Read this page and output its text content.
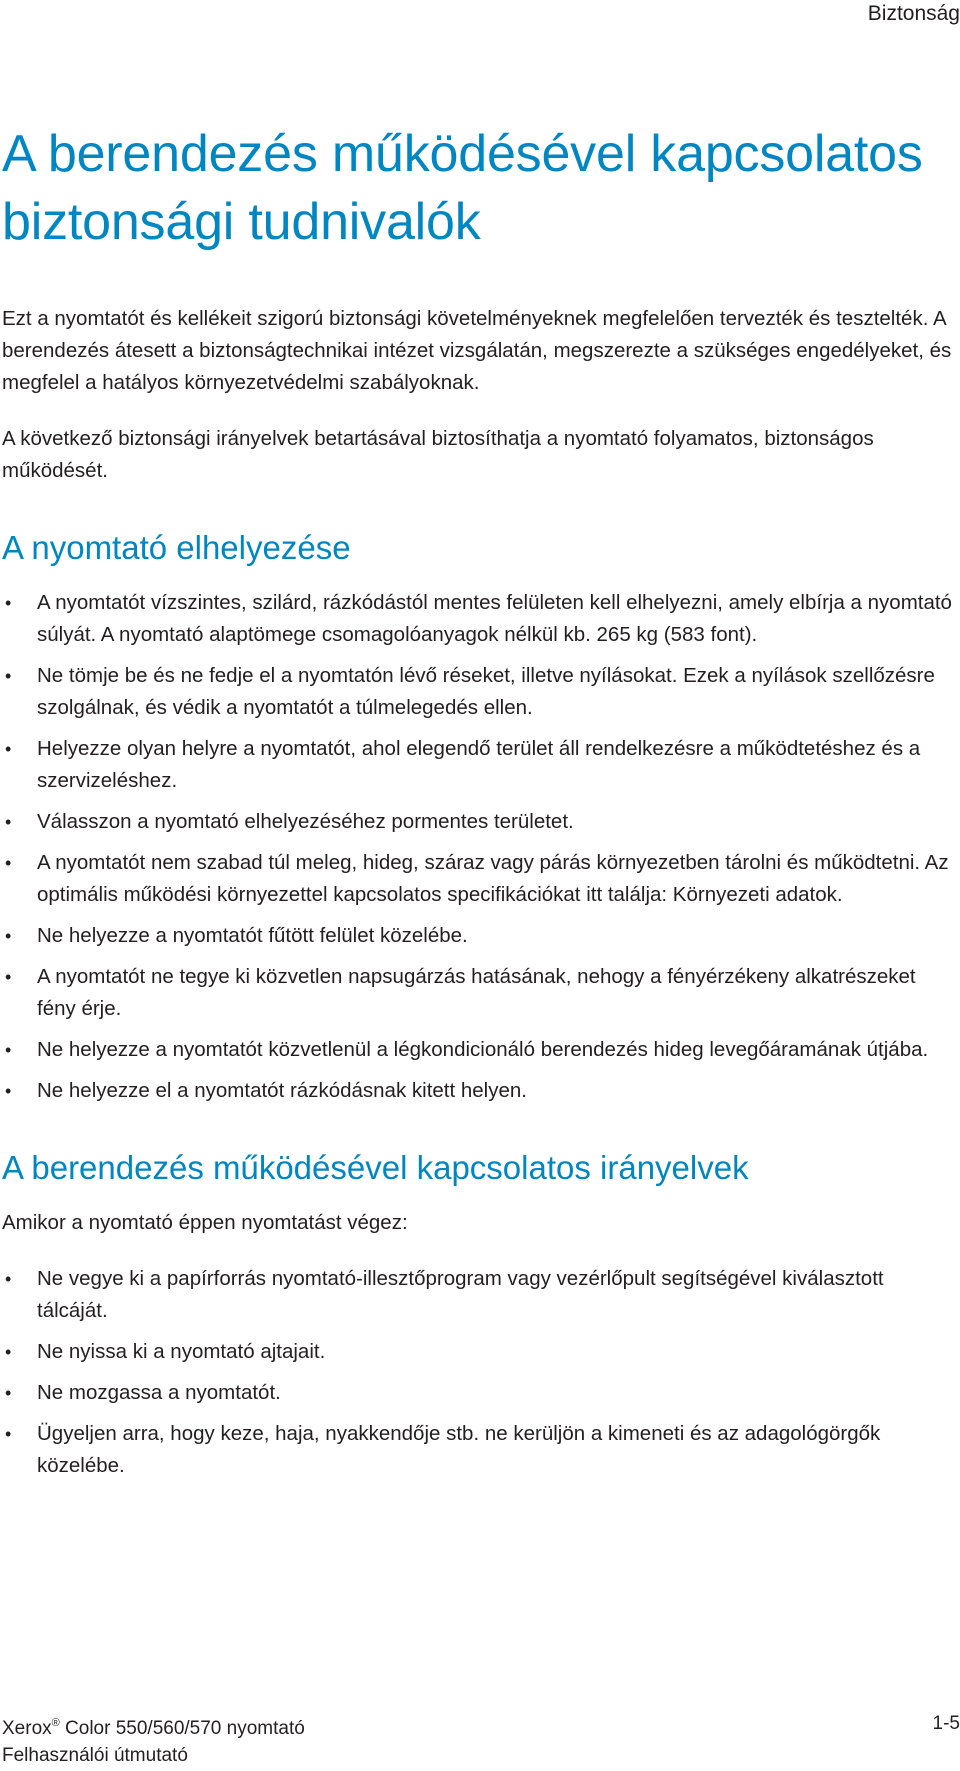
Biztonság
A berendezés működésével kapcsolatos biztonsági tudnivalók

Ezt a nyomtatót és kellékeit szigorú biztonsági követelményeknek megfelelően tervezték és tesztelték. A berendezés átesett a biztonságtechnikai intézet vizsgálatán, megszerezte a szükséges engedélyeket, és megfelel a hatályos környezetvédelmi szabályoknak.

A következő biztonsági irányelvek betartásával biztosíthatja a nyomtató folyamatos, biztonságos működését.

A nyomtató elhelyezése
• A nyomtatót vízszintes, szilárd, rázkódástól mentes felületen kell elhelyezni, amely elbírja a nyomtató súlyát. A nyomtató alaptömege csomagolóanyagok nélkül kb. 265 kg (583 font).
• Ne tömje be és ne fedje el a nyomtatón lévő réseket, illetve nyílásokat. Ezek a nyílások szellőzésre szolgálnak, és védik a nyomtatót a túlmelegedés ellen.
• Helyezze olyan helyre a nyomtatót, ahol elegendő terület áll rendelkezésre a működtetéshez és a szervizeléshez.
• Válasszon a nyomtató elhelyezéséhez pormentes területet.
• A nyomtatót nem szabad túl meleg, hideg, száraz vagy párás környezetben tárolni és működtetni. Az optimális működési környezettel kapcsolatos specifikációkat itt találja: Környezeti adatok.
• Ne helyezze a nyomtatót fűtött felület közelébe.
• A nyomtatót ne tegye ki közvetlen napsugárzás hatásának, nehogy a fényérzékeny alkatrészeket fény érje.
• Ne helyezze a nyomtatót közvetlenül a légkondicionáló berendezés hideg levegőáramának útjába.
• Ne helyezze el a nyomtatót rázkódásnak kitett helyen.
A berendezés működésével kapcsolatos irányelvek

Amikor a nyomtató éppen nyomtatást végez:

• Ne vegye ki a papírforrás nyomtató-illesztőprogram vagy vezérlőpult segítségével kiválasztott tálcáját.
• Ne nyissa ki a nyomtató ajtajait.
• Ne mozgassa a nyomtatót.
• Ügyeljen arra, hogy keze, haja, nyakkendője stb. ne kerüljön a kimeneti és az adagológörgők közelébe.
Xerox® Color 550/560/570 nyomtató
Felhasználói útmutató
1-5
